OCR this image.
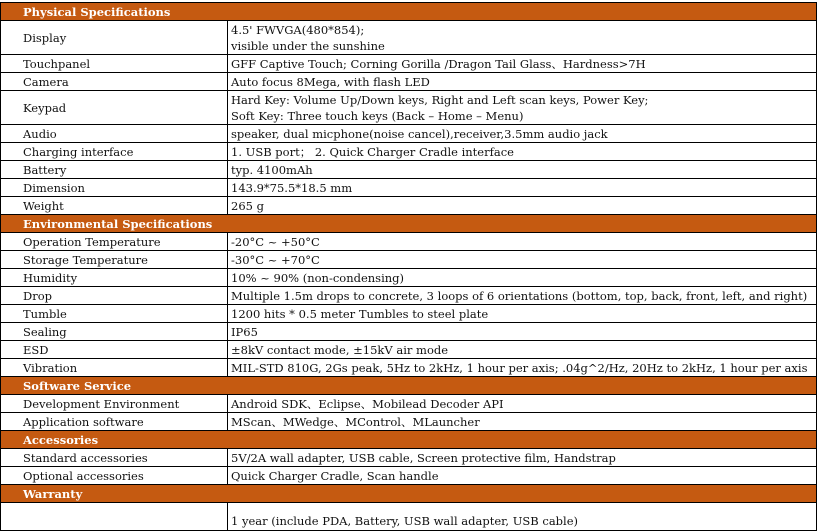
Physical Specifications	
Display	4.5' FWVGA(480*854);
visible under the sunshine

Touchpanel	GFF Captive Touch; Corning Gorilla /Dragon Tail Glass、Hardness>7H
Camera	Auto focus 8Mega, with flash LED
Keypad	Hard Key: Volume Up/Down keys, Right and Left scan keys, Power Key;
Soft Key: Three touch keys (Back – Home – Menu)

Audio	speaker, dual micphone(noise cancel),receiver,3.5mm audio jack
Charging interface	1. USB port； 2. Quick Charger Cradle interface
Battery	typ. 4100mAh
Dimension	143.9*75.5*18.5 mm
Weight	265 g
Environmental Specifications	
Operation Temperature	-20°C ~ +50°C
Storage Temperature	-30°C ~ +70°C
Humidity	10% ~ 90% (non-condensing)
Drop	Multiple 1.5m drops to concrete, 3 loops of 6 orientations (bottom, top, back, front, left, and right)
Tumble	1200 hits * 0.5 meter Tumbles to steel plate
Sealing	IP65
ESD	±8kV contact mode, ±15kV air mode
Vibration	MIL-STD 810G, 2Gs peak, 5Hz to 2kHz, 1 hour per axis; .04g^2/Hz, 20Hz to 2kHz, 1 hour per axis
Software Service	
Development Environment	Android SDK、Eclipse、Mobilead Decoder API
Application software	MScan、MWedge、MControl、MLauncher
Accessories	
Standard accessories	5V/2A wall adapter, USB cable, Screen protective film, Handstrap
Optional accessories	Quick Charger Cradle, Scan handle
Warranty	
	1 year (include PDA, Battery, USB wall adapter, USB cable)
